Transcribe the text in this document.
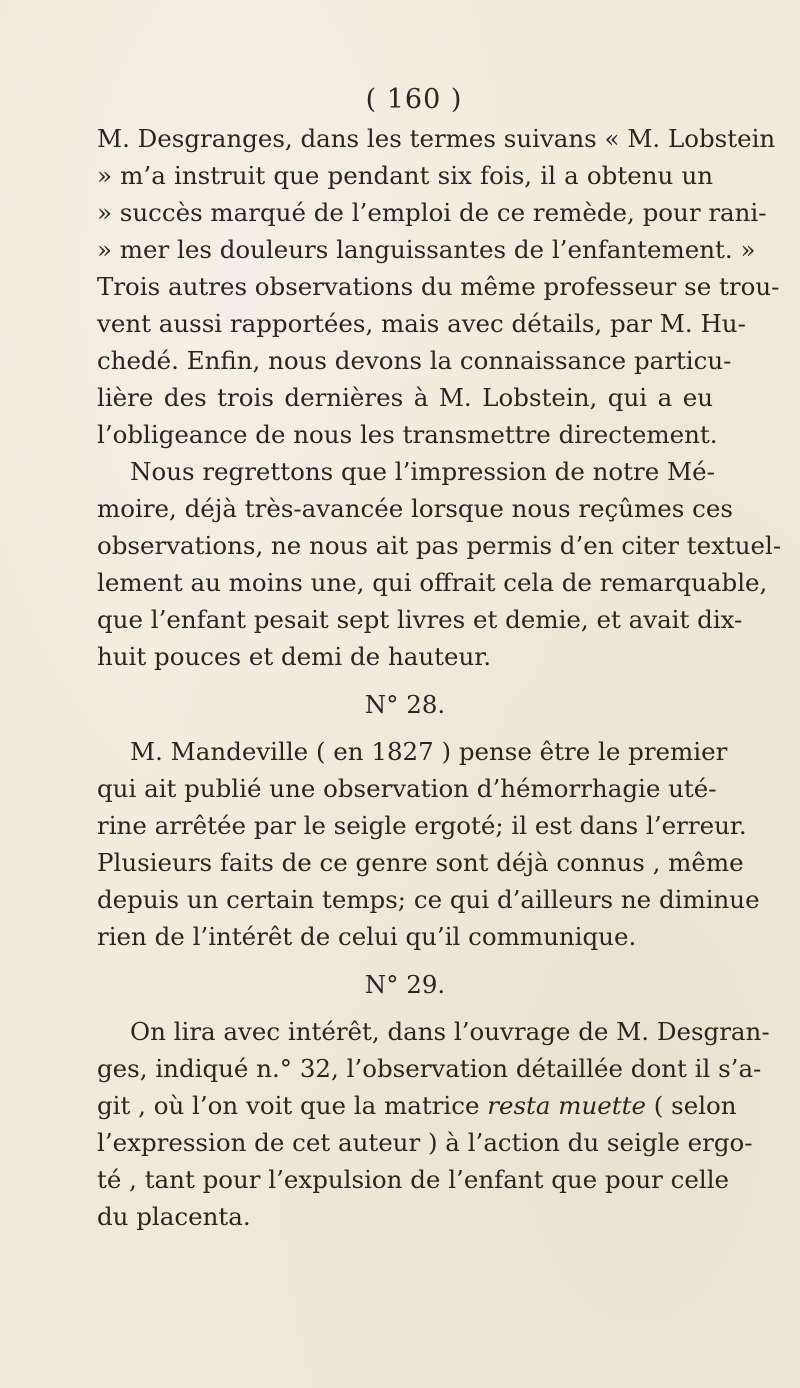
( 160 )
M. Desgranges, dans les termes suivans « M. Lobstein
» m’a instruit que pendant six fois, il a obtenu un
» succès marqué de l’emploi de ce remède, pour rani-
» mer les douleurs languissantes de l’enfantement. »
Trois autres observations du même professeur se trou-
vent aussi rapportées, mais avec détails, par M. Hu-
chedé. Enfin, nous devons la connaissance particu-
lière des trois dernières à M. Lobstein, qui a eu
l’obligeance de nous les transmettre directement.
Nous regrettons que l’impression de notre Mé-
moire, déjà très-avancée lorsque nous reçûmes ces
observations, ne nous ait pas permis d’en citer textuel-
lement au moins une, qui offrait cela de remarquable,
que l’enfant pesait sept livres et demie, et avait dix-
huit pouces et demi de hauteur.
N° 28.
M. Mandeville ( en 1827 ) pense être le premier
qui ait publié une observation d’hémorrhagie uté-
rine arrêtée par le seigle ergoté; il est dans l’erreur.
Plusieurs faits de ce genre sont déjà connus , même
depuis un certain temps; ce qui d’ailleurs ne diminue
rien de l’intérêt de celui qu’il communique.
N° 29.
On lira avec intérêt, dans l’ouvrage de M. Desgran-
ges, indiqué n.° 32, l’observation détaillée dont il s’a-
git , où l’on voit que la matrice resta muette ( selon
l’expression de cet auteur ) à l’action du seigle ergo-
té , tant pour l’expulsion de l’enfant que pour celle
du placenta.
